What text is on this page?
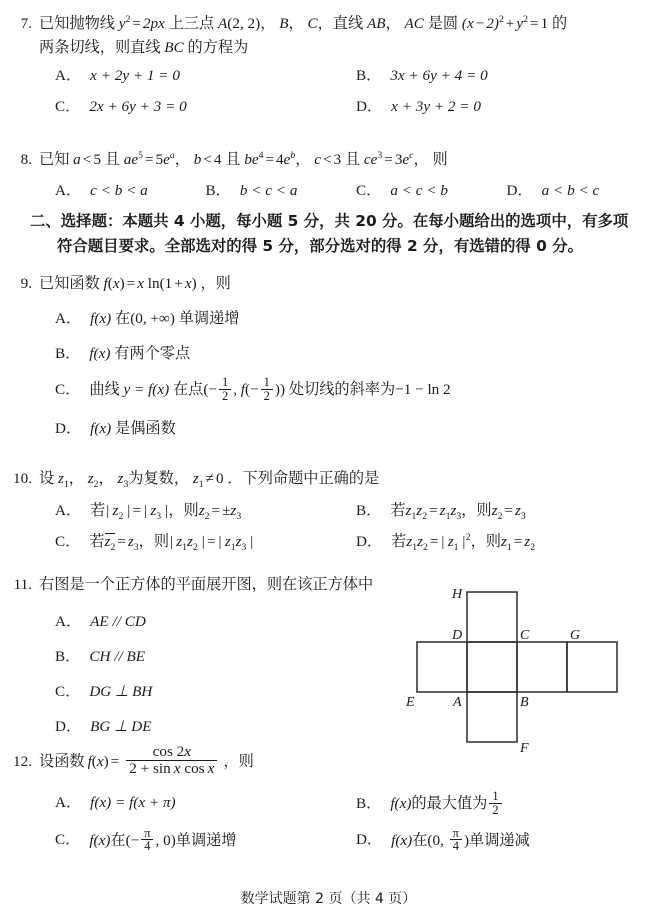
7. 已知抛物线 $y^2 = 2px$ 上三点 A(2, 2)， B， C，直线 AB， AC 是圆 $(x - 2)^2 + y^2 = 1$ 的
两条切线，则直线 BC 的方程为
A． x + 2y + 1 = 0	B． 3x + 6y + 4 = 0
C． 2x + 6y + 3 = 0	D． x + 3y + 2 = 0
8. 已知 a < 5 且 $ae^5 = 5e^a$， b < 4 且 $be^4 = 4e^b$， c < 3 且 $ce^3 = 3e^c$， 则
A． c < b < a	B． b < c < a	C． a < c < b	D． a < b < c
二、选择题：本题共 4 小题，每小题 5 分，共 20 分。在每小题给出的选项中，有多项
符合题目要求。全部选对的得 5 分，部分选对的得 2 分，有选错的得 0 分。
9. 已知函数 f(x) = x ln(1 + x) ，则
A． f(x) 在(0, +∞) 单调递增
B． f(x) 有两个零点
C． 曲线 y = f(x) 在点(− $\frac{1}{2}$ , $f(- \frac{1}{2}$ )) 处切线的斜率为−1 − ln 2
D． f(x) 是偶函数
10. 设 $z_1$， $z_2$， $z_3$为复数， $z_1 \ne 0$ ．下列命题中正确的是
A． 若| $z_2$ | = | $z_3$ |，则$z_2 = \pm z_3$	B． 若$z_1z_2 = z_1z_3$，则$z_2 = z_3$
C． 若$z_2 = z_3$，则| $z_1z_2$ | = | $z_1z_3$ |	D． 若$z_1z_2$ = | $z_1$ $|^2$，则$z_1 = z_2$
11. 右图是一个正方体的平面展开图，则在该正方体中
A． AE // CD
B． CH // BE
C． DG ⊥ BH
D． BG ⊥ DE
H
D	C	G
E	A	B
F
12. 设函数 $f(x) = \frac{\cos 2x}{\text{2 + sin x cos x}}$ ，则
A． f(x) = f(x + π)	B． f(x)的最大值为 $\frac{1}{2}$
C． f(x)在(− $\frac{\pi}{4}$ , 0)单调递增	D． f(x)在(0, $\frac{\pi}{4}$ )单调递减
数学试题第 2 页（共 4 页）
